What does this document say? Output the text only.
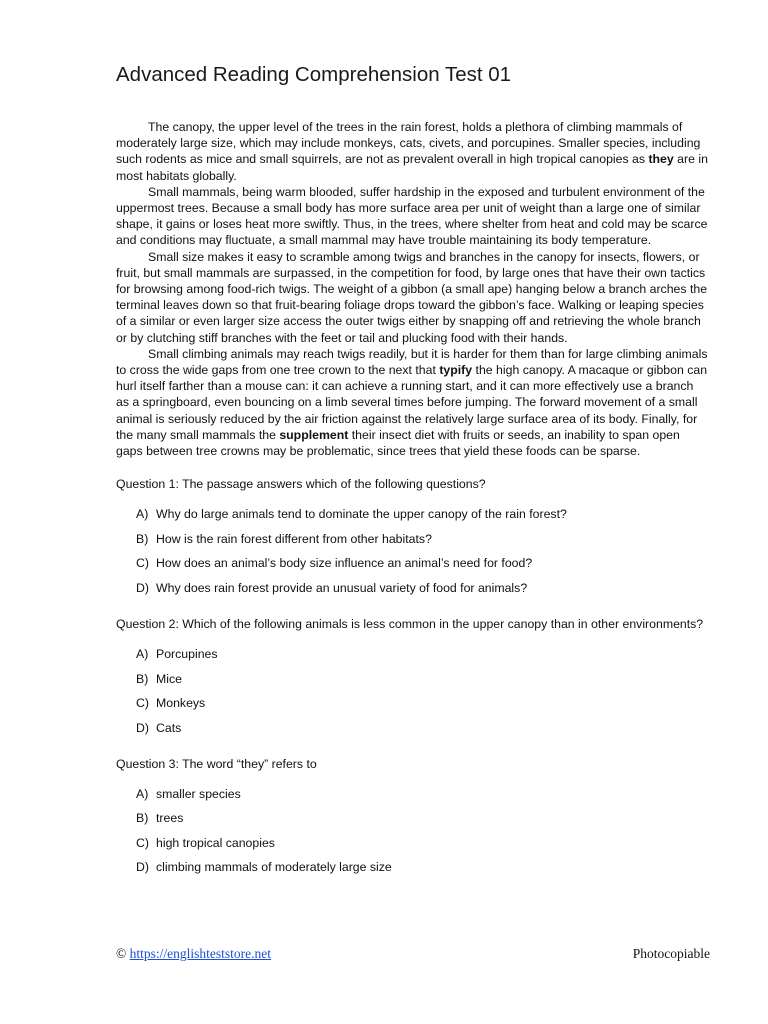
Advanced Reading Comprehension Test 01

The canopy, the upper level of the trees in the rain forest, holds a plethora of climbing mammals of moderately large size, which may include monkeys, cats, civets, and porcupines. Smaller species, including such rodents as mice and small squirrels, are not as prevalent overall in high tropical canopies as they are in most habitats globally.

Small mammals, being warm blooded, suffer hardship in the exposed and turbulent environment of the uppermost trees. Because a small body has more surface area per unit of weight than a large one of similar shape, it gains or loses heat more swiftly. Thus, in the trees, where shelter from heat and cold may be scarce and conditions may fluctuate, a small mammal may have trouble maintaining its body temperature.

Small size makes it easy to scramble among twigs and branches in the canopy for insects, flowers, or fruit, but small mammals are surpassed, in the competition for food, by large ones that have their own tactics for browsing among food-rich twigs. The weight of a gibbon (a small ape) hanging below a branch arches the terminal leaves down so that fruit-bearing foliage drops toward the gibbon’s face. Walking or leaping species of a similar or even larger size access the outer twigs either by snapping off and retrieving the whole branch or by clutching stiff branches with the feet or tail and plucking food with their hands.

Small climbing animals may reach twigs readily, but it is harder for them than for large climbing animals to cross the wide gaps from one tree crown to the next that typify the high canopy. A macaque or gibbon can hurl itself farther than a mouse can: it can achieve a running start, and it can more effectively use a branch as a springboard, even bouncing on a limb several times before jumping. The forward movement of a small animal is seriously reduced by the air friction against the relatively large surface area of its body. Finally, for the many small mammals the supplement their insect diet with fruits or seeds, an inability to span open gaps between tree crowns may be problematic, since trees that yield these foods can be sparse.

Question 1: The passage answers which of the following questions?

A) Why do large animals tend to dominate the upper canopy of the rain forest?
B) How is the rain forest different from other habitats?
C) How does an animal’s body size influence an animal’s need for food?
D) Why does rain forest provide an unusual variety of food for animals?

Question 2: Which of the following animals is less common in the upper canopy than in other environments?

A) Porcupines
B) Mice
C) Monkeys
D) Cats

Question 3: The word “they” refers to

A) smaller species
B) trees
C) high tropical canopies
D) climbing mammals of moderately large size
© https://englishteststore.net	Photocopiable
